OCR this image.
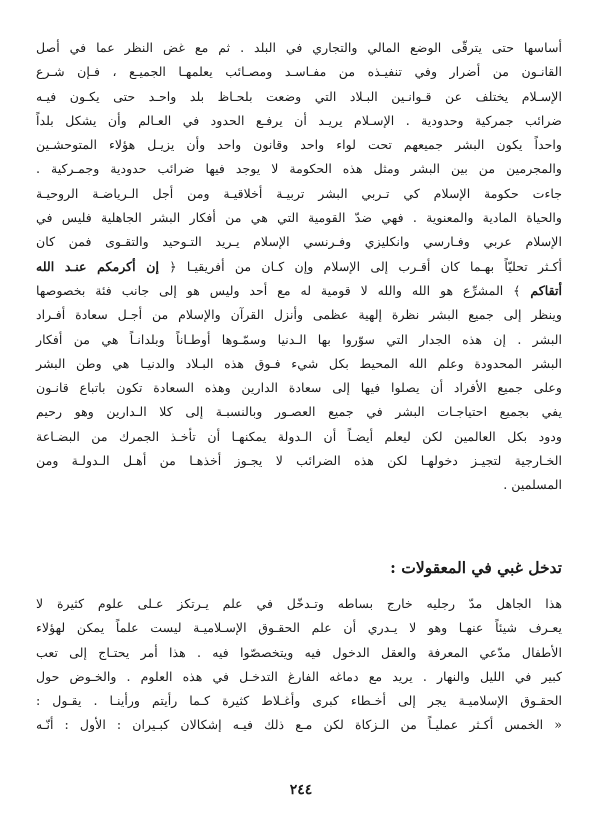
أساسها حتى يترقّى الوضع المالي والتجاري في البلد . ثم مع غض النظر عما في أصل
القانـون من أضرار وفي تنفيـذه من مفـاسـد ومصـائب يعلمهـا الجميـع ، فـإن شـرع
الإسـلام يختلف عن قـوانـين البـلاد التي وضعت بلحـاظ بلد واحـد حتى يكـون فيـه
ضرائب جمركية وحدودية . الإسـلام يريـد أن يرفـع الحدود في العـالم وأن يشكل بلداً
واحداً يكون البشر جميعهم تحت لواء واحد وقانون واحد وأن يزيـل هؤلاء المتوحشـين
والمجرمين من بين البشر ومثل هذه الحكومة لا يوجد فيها ضرائب حدودية وجمـركية .
جاءت حكومة الإسلام كي تـربي البشر تربيـة أخلاقيـة ومن أجل الـرياضـة الروحيـة
والحياة المادية والمعنوية . فهي ضدّ القومية التي هي من أفكار البشر الجاهلية فليس في
الإسلام عربي وفـارسي وانكليزي وفـرنسي الإسلام يـريد التـوحيد والتقـوى فمن كان
أكـثر تحليّاً بهـما كان أقـرب إلى الإسلام وإن كـان من أفريقيـا ﴿ إن أكرمكم عنـد الله
أتقاكم ﴾ المشرِّع هو الله والله لا قومية له مع أحد وليس هو إلى جانب فئة بخصوصها
وينظر إلى جميع البشر نظرة إلهية عظمى وأنزل القرآن والإسلام من أجـل سعادة أفـراد
البشر . إن هذه الجدار التي سوّروا بها الـدنيا وسمّـوها أوطـاناً وبلدانـاً هي من أفكار
البشر المحدودة وعلم الله المحيط بكل شيء فـوق هذه البـلاد والدنيـا هي وطن البشر
وعلى جميع الأفراد أن يصلوا فيها إلى سعادة الدارين وهذه السعادة تكون باتباع قانـون
يفي بجميع احتياجـات البشر في جميع العصـور وبالنسبـة إلى كلا الـدارين وهو رحيم
ودود بكل العالمين لكن ليعلم أيضـاً أن الـدولة يمكنهـا أن تأخـذ الجمرك من البضـاعة
الخـارجية لتجيـز دخولهـا لكن هذه الضرائب لا يجـوز أخذهـا من أهـل الـدولـة ومن
المسلمين .
تدخل غبي في المعقولات :
هذا الجاهل مدّ رجليه خارج بساطه وتـدخّل في علم يـرتكز عـلى علوم كثيرة لا
يعـرف شيئاً عنهـا وهو لا يـدري أن علم الحقـوق الإسـلاميـة ليست علماً يمكن لهؤلاء
الأطفال مدّعي المعرفة والعقل الدخول فيه ويتخصصّوا فيه . هذا أمر يحتـاج إلى تعب
كبير في الليل والنهار . يريد مع دماغه الفارغ التدخـل في هذه العلوم . والخـوض حول
الحقـوق الإسلاميـة يجر إلى أخـطاء كبرى وأغـلاط كثيرة كـما رأيتم ورأينـا . يقـول :
« الخمس أكـثر عمليـاً من الـزكاة لكن مـع ذلك فيـه إشكالان كبـيران : الأول : أنّـه
٢٤٤
